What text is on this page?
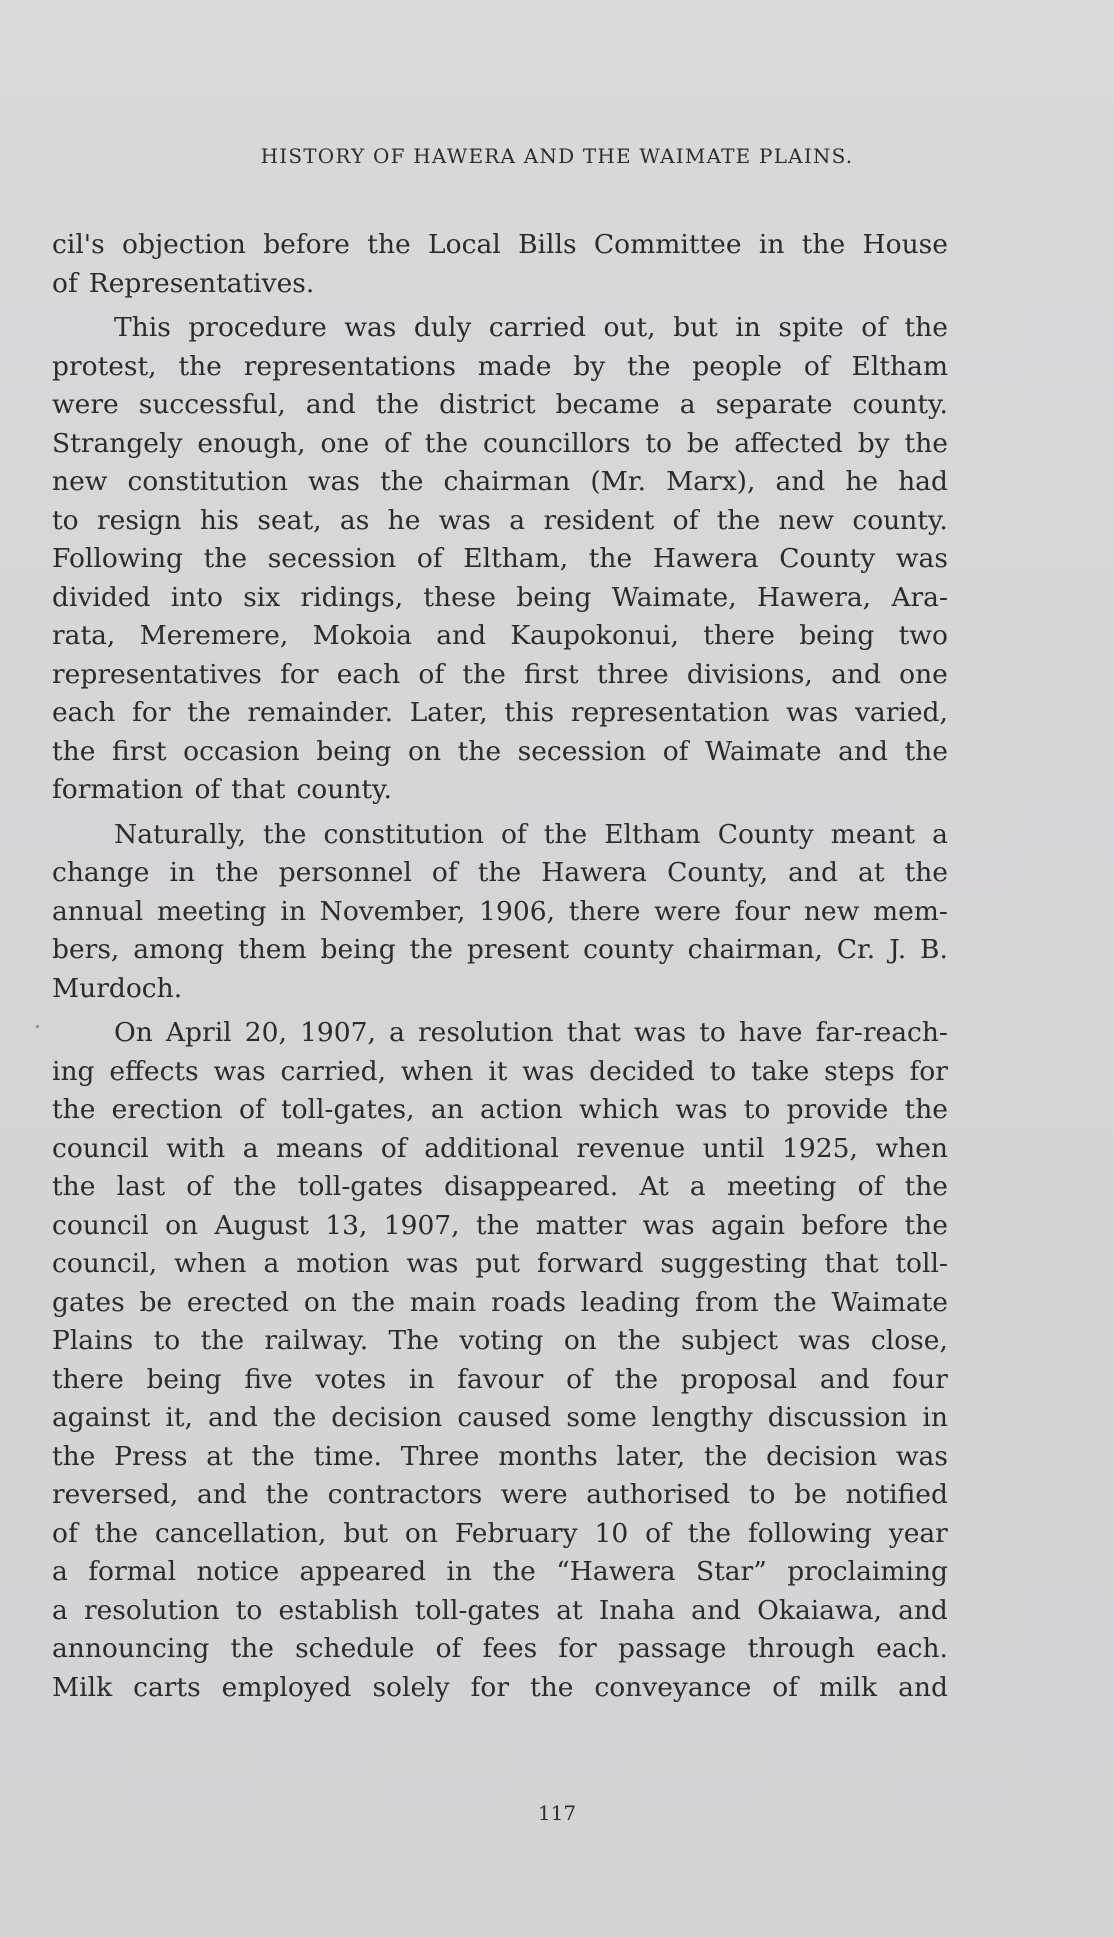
HISTORY OF HAWERA AND THE WAIMATE PLAINS.
cil's objection before the Local Bills Committee in the House
of Representatives.
This procedure was duly carried out, but in spite of the
protest, the representations made by the people of Eltham
were successful, and the district became a separate county.
Strangely enough, one of the councillors to be affected by the
new constitution was the chairman (Mr. Marx), and he had
to resign his seat, as he was a resident of the new county.
Following the secession of Eltham, the Hawera County was
divided into six ridings, these being Waimate, Hawera, Ara-
rata, Meremere, Mokoia and Kaupokonui, there being two
representatives for each of the first three divisions, and one
each for the remainder. Later, this representation was varied,
the first occasion being on the secession of Waimate and the
formation of that county.
Naturally, the constitution of the Eltham County meant a
change in the personnel of the Hawera County, and at the
annual meeting in November, 1906, there were four new mem-
bers, among them being the present county chairman, Cr. J. B.
Murdoch.
On April 20, 1907, a resolution that was to have far-reach-
ing effects was carried, when it was decided to take steps for
the erection of toll-gates, an action which was to provide the
council with a means of additional revenue until 1925, when
the last of the toll-gates disappeared. At a meeting of the
council on August 13, 1907, the matter was again before the
council, when a motion was put forward suggesting that toll-
gates be erected on the main roads leading from the Waimate
Plains to the railway. The voting on the subject was close,
there being five votes in favour of the proposal and four
against it, and the decision caused some lengthy discussion in
the Press at the time. Three months later, the decision was
reversed, and the contractors were authorised to be notified
of the cancellation, but on February 10 of the following year
a formal notice appeared in the “Hawera Star” proclaiming
a resolution to establish toll-gates at Inaha and Okaiawa, and
announcing the schedule of fees for passage through each.
Milk carts employed solely for the conveyance of milk and
117
